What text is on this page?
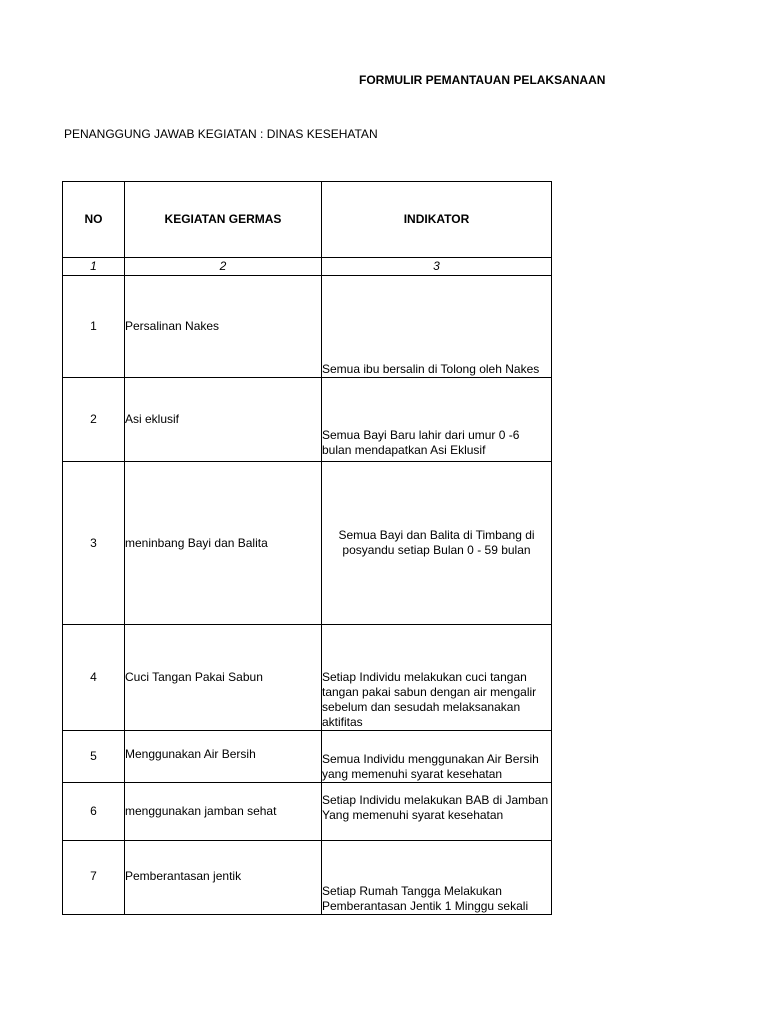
FORMULIR PEMANTAUAN PELAKSANAAN
PENANGGUNG JAWAB KEGIATAN : DINAS KESEHATAN
NO	KEGIATAN GERMAS	INDIKATOR
1	2	3
1	Persalinan Nakes	Semua ibu bersalin di Tolong oleh Nakes
2	Asi eklusif	Semua Bayi Baru lahir dari umur 0 -6 bulan mendapatkan Asi Eklusif
3	meninbang Bayi dan Balita	Semua Bayi dan Balita di Timbang di posyandu setiap Bulan 0 - 59 bulan
4	Cuci Tangan Pakai Sabun	Setiap Individu melakukan cuci tangan tangan pakai sabun dengan air mengalir sebelum dan sesudah melaksanakan aktifitas
5	Menggunakan Air Bersih	Semua Individu menggunakan Air Bersih yang memenuhi syarat kesehatan
6	menggunakan jamban sehat	Setiap Individu melakukan BAB di Jamban Yang memenuhi syarat kesehatan
7	Pemberantasan jentik	Setiap Rumah Tangga Melakukan Pemberantasan Jentik 1 Minggu sekali
